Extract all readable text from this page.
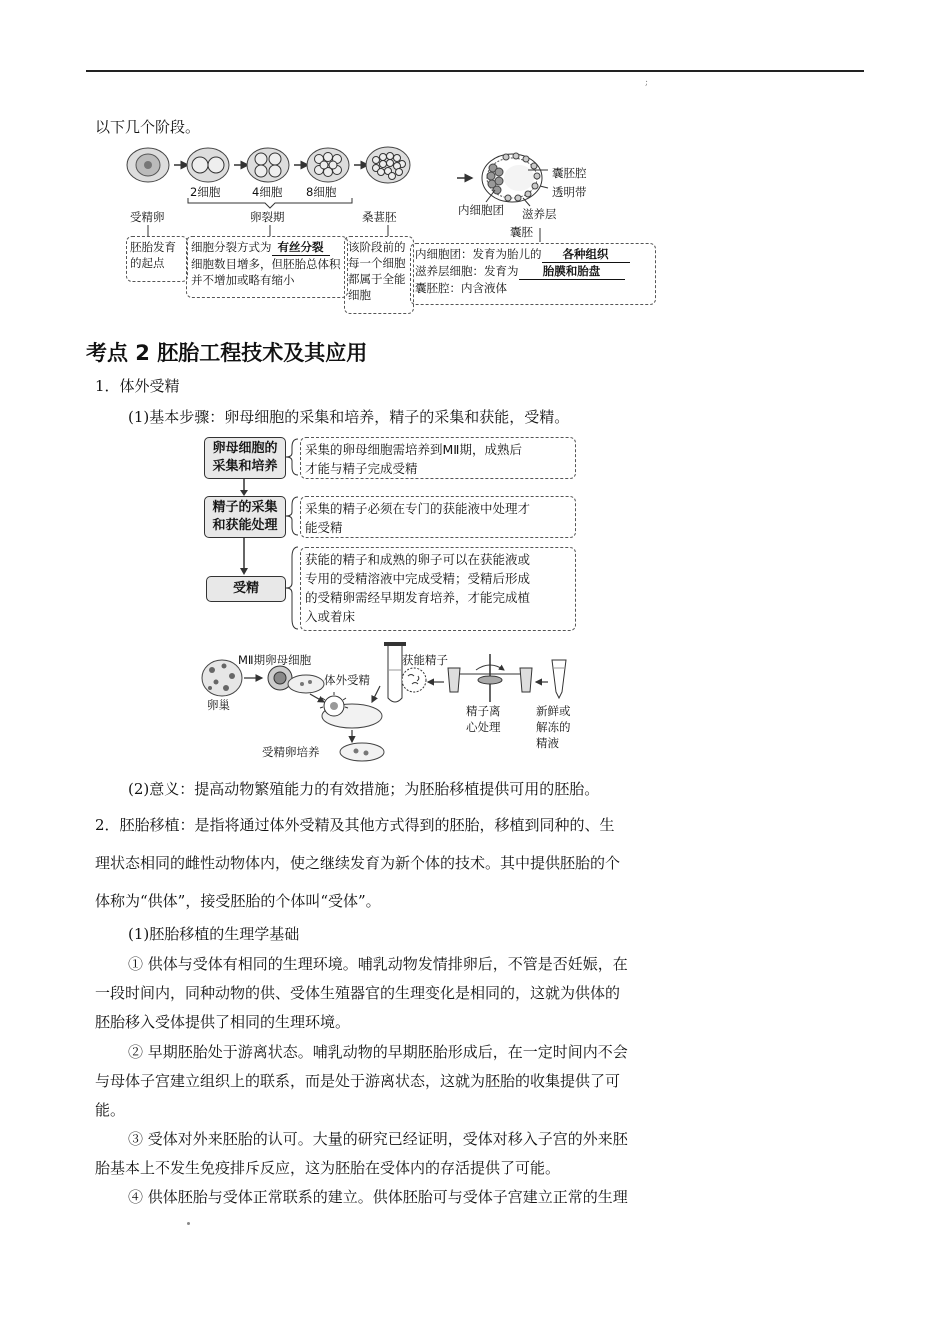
;
以下几个阶段。
2细胞	4细胞 8细胞
受精卵	卵裂期	桑葚胚
囊胚腔
透明带
内细胞团 滋养层
囊胚
胚胎发育
的起点
细胞分裂方式为 有丝分裂
细胞数目增多，但胚胎总体积
并不增加或略有缩小
该阶段前的
每一个细胞
都属于全能
细胞
内细胞团：发育为胎儿的 各种组织
滋养层细胞：发育为 胎膜和胎盘
囊胚腔：内含液体
考点 2 胚胎工程技术及其应用
1．体外受精
(1)基本步骤：卵母细胞的采集和培养，精子的采集和获能，受精。
卵母细胞的
采集和培养
精子的采集
和获能处理
受精
采集的卵母细胞需培养到MⅡ期，成熟后
才能与精子完成受精
采集的精子必须在专门的获能液中处理才
能受精
获能的精子和成熟的卵子可以在获能液或
专用的受精溶液中完成受精；受精后形成
的受精卵需经早期发育培养，才能完成植
入或着床
MⅡ期卵母细胞
体外受精
获能精子
卵巢	精子离
心处理
新鲜或
解冻的
精液
受精卵培养
(2)意义：提高动物繁殖能力的有效措施；为胚胎移植提供可用的胚胎。
2．胚胎移植：是指将通过体外受精及其他方式得到的胚胎，移植到同种的、生
理状态相同的雌性动物体内，使之继续发育为新个体的技术。其中提供胚胎的个
体称为“供体”，接受胚胎的个体叫“受体”。
(1)胚胎移植的生理学基础
① 供体与受体有相同的生理环境。哺乳动物发情排卵后，不管是否妊娠，在
一段时间内，同种动物的供、受体生殖器官的生理变化是相同的，这就为供体的
胚胎移入受体提供了相同的生理环境。
② 早期胚胎处于游离状态。哺乳动物的早期胚胎形成后，在一定时间内不会
与母体子宫建立组织上的联系，而是处于游离状态，这就为胚胎的收集提供了可
能。
③ 受体对外来胚胎的认可。大量的研究已经证明，受体对移入子宫的外来胚
胎基本上不发生免疫排斥反应，这为胚胎在受体内的存活提供了可能。
④ 供体胚胎与受体正常联系的建立。供体胚胎可与受体子宫建立正常的生理
